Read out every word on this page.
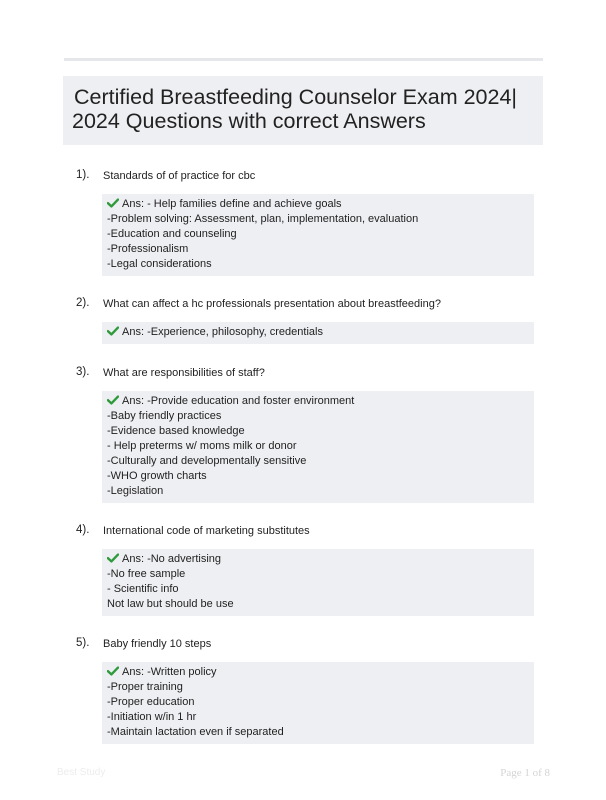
Certified Breastfeeding Counselor Exam 2024|
2024 Questions with correct Answers
1). Standards of of practice for cbc
Ans: - Help families define and achieve goals
-Problem solving: Assessment, plan, implementation, evaluation
-Education and counseling
-Professionalism
-Legal considerations
2). What can affect a hc professionals presentation about breastfeeding?
Ans: -Experience, philosophy, credentials
3). What are responsibilities of staff?
Ans: -Provide education and foster environment
-Baby friendly practices
-Evidence based knowledge
- Help preterms w/ moms milk or donor
-Culturally and developmentally sensitive
-WHO growth charts
-Legislation
4). International code of marketing substitutes
Ans: -No advertising
-No free sample
- Scientific info
Not law but should be use
5). Baby friendly 10 steps
Ans: -Written policy
-Proper training
-Proper education
-Initiation w/in 1 hr
-Maintain lactation even if separated
Best Study	Page 1 of 8
